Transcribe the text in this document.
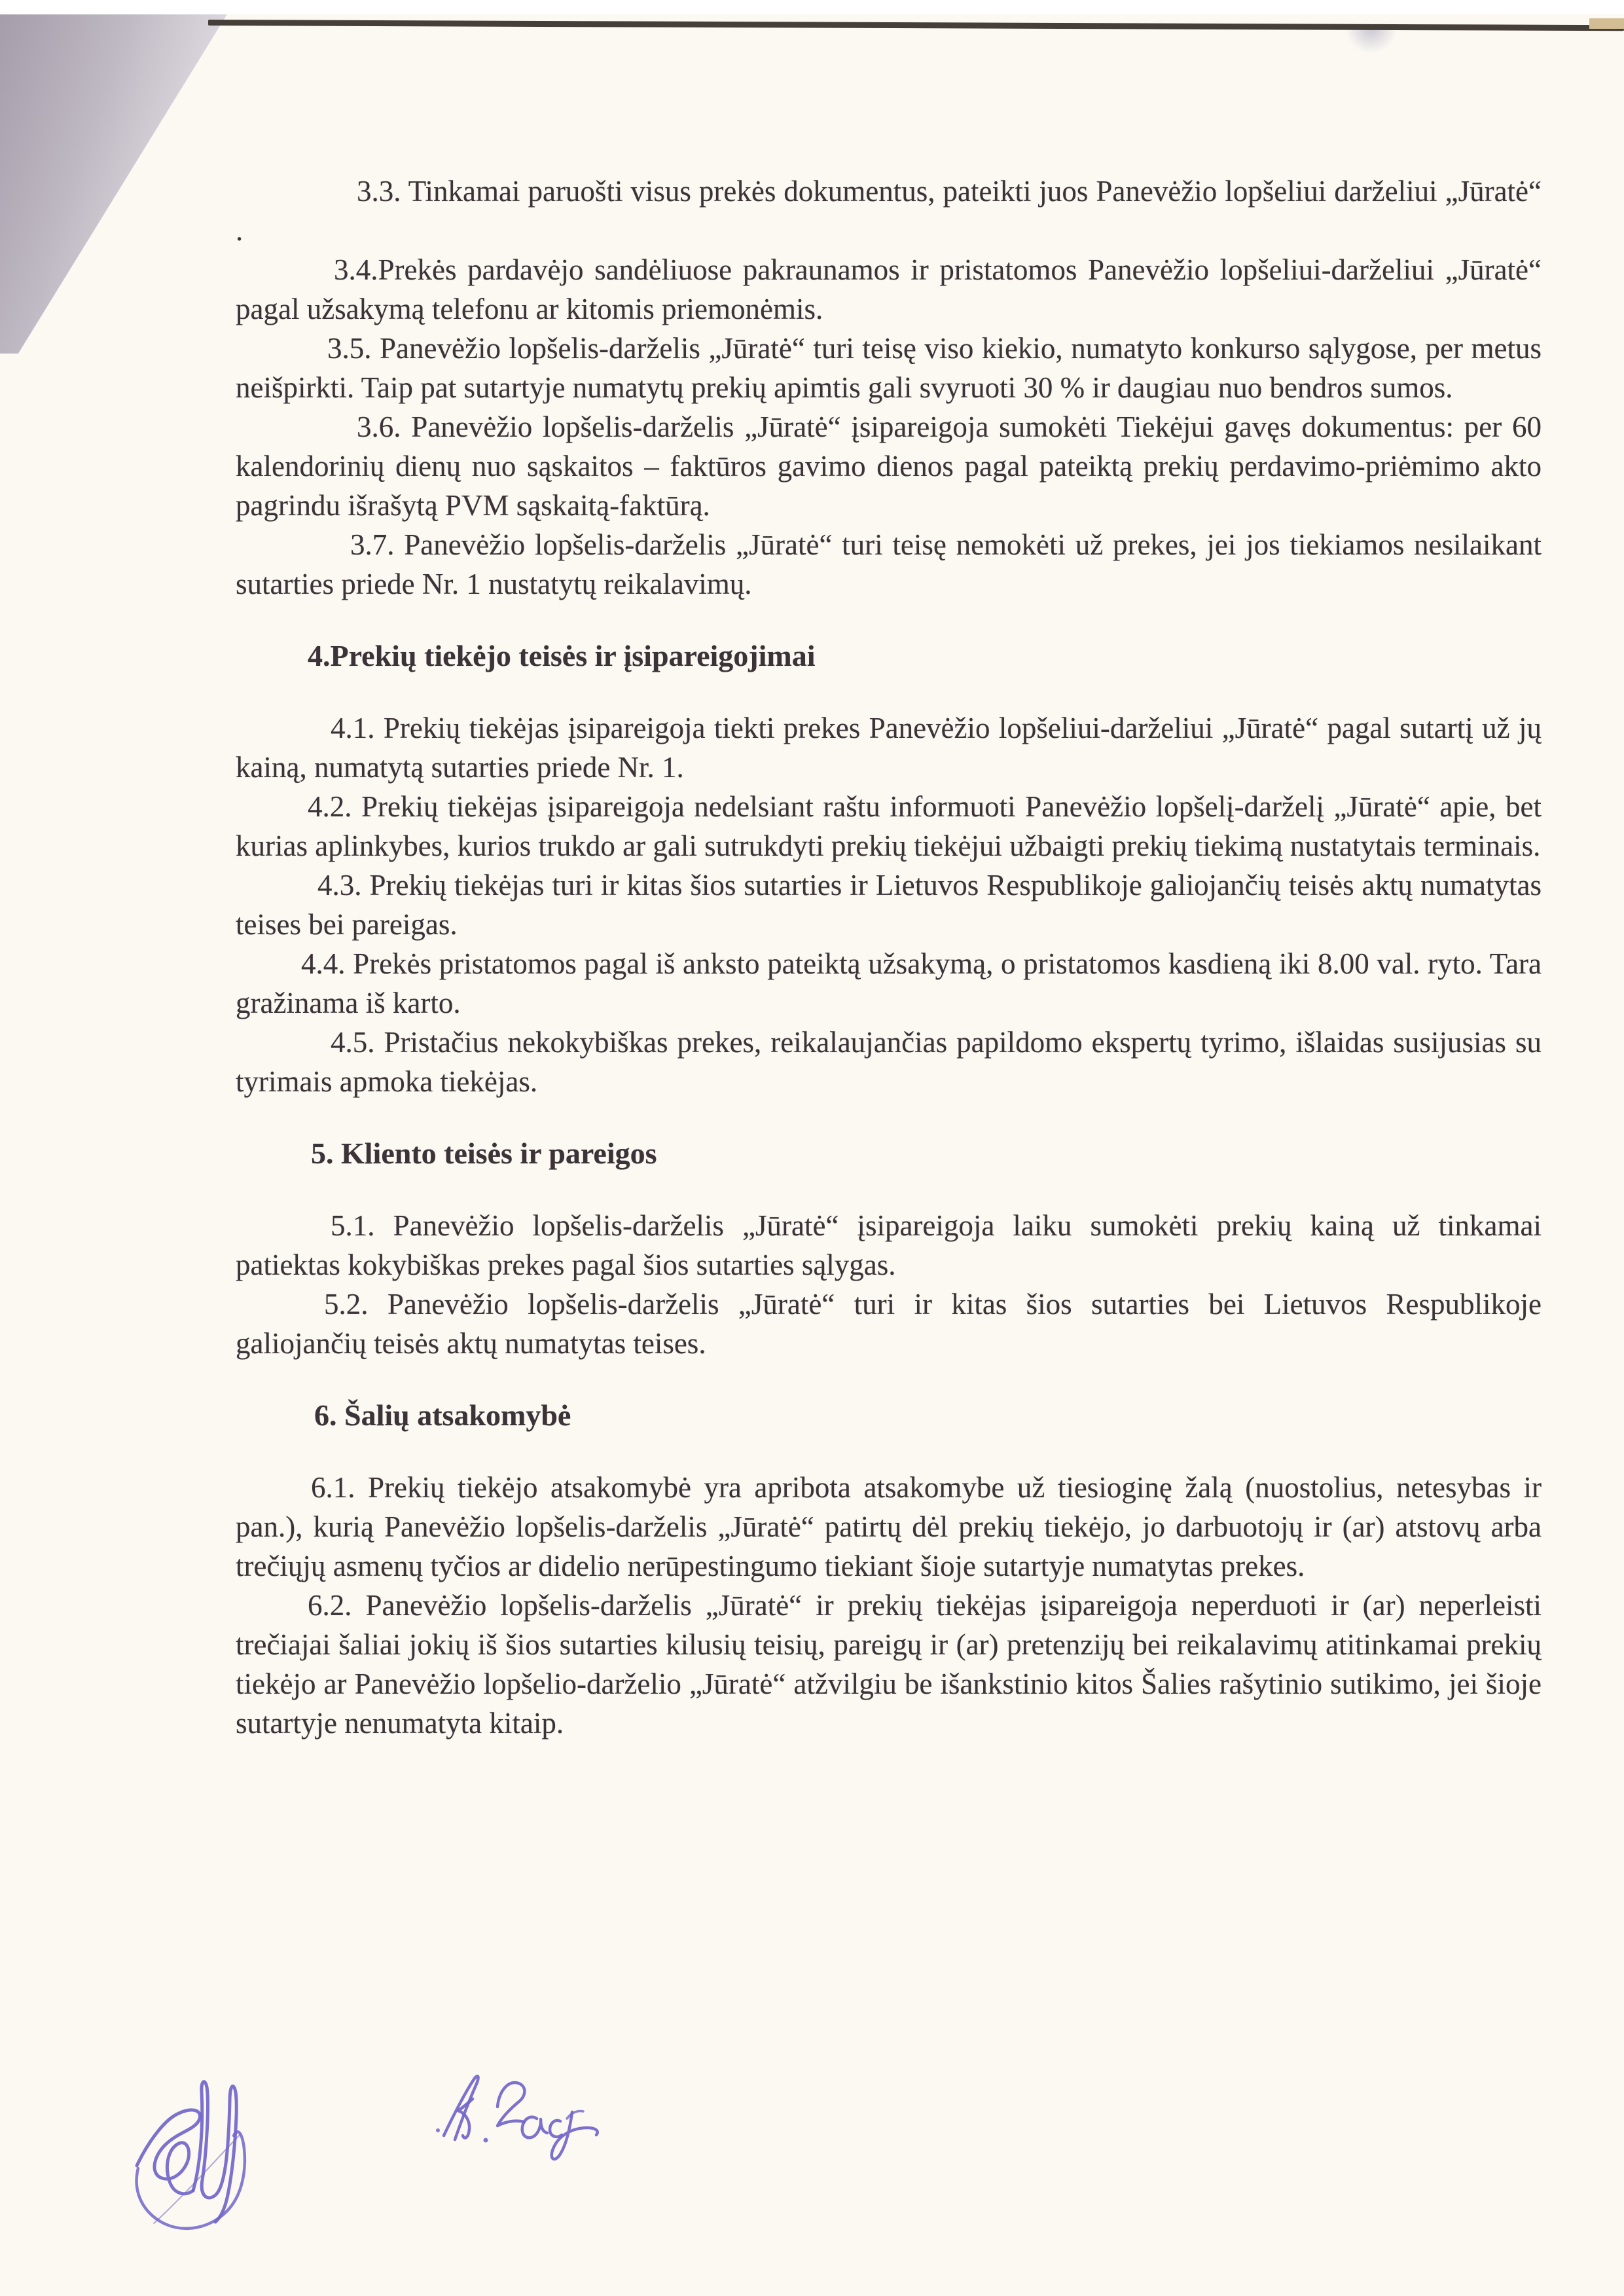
3.3. Tinkamai paruošti visus prekės dokumentus, pateikti juos Panevėžio lopšeliui darželiui „Jūratė“ .

3.4.Prekės pardavėjo sandėliuose pakraunamos ir pristatomos Panevėžio lopšeliui-darželiui „Jūratė“ pagal užsakymą telefonu ar kitomis priemonėmis.

3.5. Panevėžio lopšelis-darželis „Jūratė“ turi teisę viso kiekio, numatyto konkurso sąlygose, per metus neišpirkti. Taip pat sutartyje numatytų prekių apimtis gali svyruoti 30 % ir daugiau nuo bendros sumos.

3.6. Panevėžio lopšelis-darželis „Jūratė“ įsipareigoja sumokėti Tiekėjui gavęs dokumentus: per 60 kalendorinių dienų nuo sąskaitos – faktūros gavimo dienos pagal pateiktą prekių perdavimo-priėmimo akto pagrindu išrašytą PVM sąskaitą-faktūrą.

3.7. Panevėžio lopšelis-darželis „Jūratė“ turi teisę nemokėti už prekes, jei jos tiekiamos nesilaikant sutarties priede Nr. 1 nustatytų reikalavimų.

4.Prekių tiekėjo teisės ir įsipareigojimai

4.1. Prekių tiekėjas įsipareigoja tiekti prekes Panevėžio lopšeliui-darželiui „Jūratė“ pagal sutartį už jų kainą, numatytą sutarties priede Nr. 1.

4.2. Prekių tiekėjas įsipareigoja nedelsiant raštu informuoti Panevėžio lopšelį-darželį „Jūratė“ apie, bet kurias aplinkybes, kurios trukdo ar gali sutrukdyti prekių tiekėjui užbaigti prekių tiekimą nustatytais terminais.

4.3. Prekių tiekėjas turi ir kitas šios sutarties ir Lietuvos Respublikoje galiojančių teisės aktų numatytas teises bei pareigas.

4.4. Prekės pristatomos pagal iš anksto pateiktą užsakymą, o pristatomos kasdieną iki 8.00 val. ryto. Tara gražinama iš karto.

4.5. Pristačius nekokybiškas prekes, reikalaujančias papildomo ekspertų tyrimo, išlaidas susijusias su tyrimais apmoka tiekėjas.

5. Kliento teisės ir pareigos

5.1. Panevėžio lopšelis-darželis „Jūratė“ įsipareigoja laiku sumokėti prekių kainą už tinkamai patiektas kokybiškas prekes pagal šios sutarties sąlygas.

5.2. Panevėžio lopšelis-darželis „Jūratė“ turi ir kitas šios sutarties bei Lietuvos Respublikoje galiojančių teisės aktų numatytas teises.

6. Šalių atsakomybė

6.1. Prekių tiekėjo atsakomybė yra apribota atsakomybe už tiesioginę žalą (nuostolius, netesybas ir pan.), kurią Panevėžio lopšelis-darželis „Jūratė“ patirtų dėl prekių tiekėjo, jo darbuotojų ir (ar) atstovų arba trečiųjų asmenų tyčios ar didelio nerūpestingumo tiekiant šioje sutartyje numatytas prekes.

6.2. Panevėžio lopšelis-darželis „Jūratė“ ir prekių tiekėjas įsipareigoja neperduoti ir (ar) neperleisti trečiajai šaliai jokių iš šios sutarties kilusių teisių, pareigų ir (ar) pretenzijų bei reikalavimų atitinkamai prekių tiekėjo ar Panevėžio lopšelio-darželio „Jūratė“ atžvilgiu be išankstinio kitos Šalies rašytinio sutikimo, jei šioje sutartyje nenumatyta kitaip.
